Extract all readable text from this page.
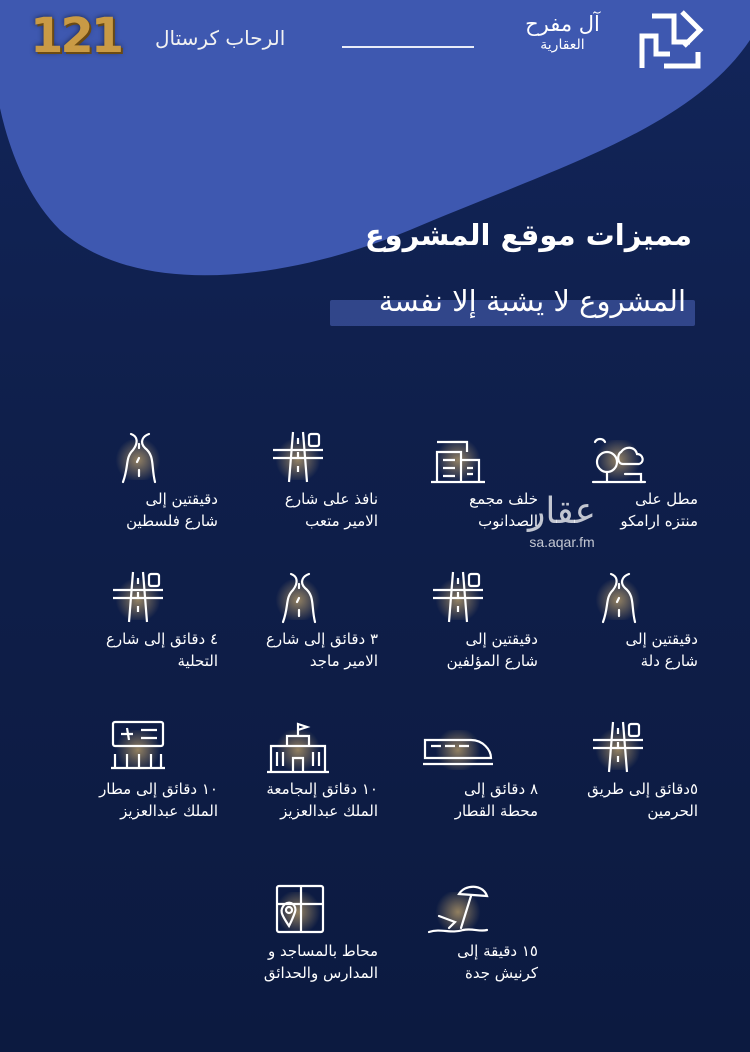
121 الرحاب كرستال
آل مفرح
العقارية
مميزات موقع المشروع
المشروع لا يشبة إلا نفسة
مطل على
منتزه ارامكو
خلف مجمع
الصدانوب
نافذ على شارع
الامير متعب
دقيقتين إلى
شارع فلسطين
دقيقتين إلى
شارع دلة
دقيقتين إلى
شارع المؤلفين
٣ دقائق إلى شارع
الامير ماجد
٤ دقائق إلى شارع
التحلية
٥دقائق إلى طريق
الحرمين
٨ دقائق إلى
محطة القطار
١٠ دقائق إلىجامعة
الملك عبدالعزيز
١٠ دقائق إلى مطار
الملك عبدالعزيز
١٥ دقيقة إلى
كرنيش جدة
محاط بالمساجد و
المدارس والحدائق
عقار
sa.aqar.fm
